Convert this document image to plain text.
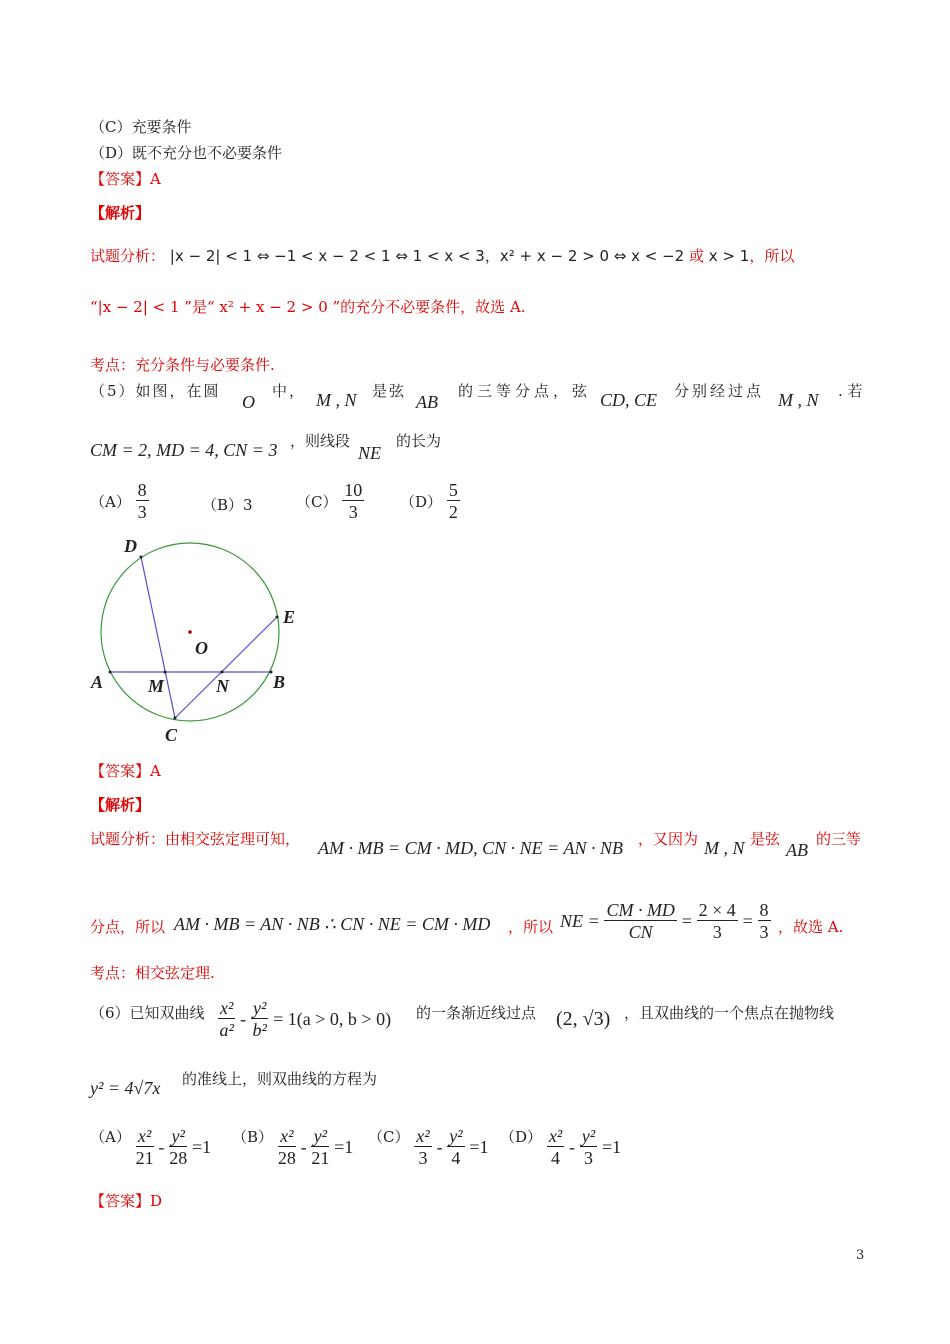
（C）充要条件
（D）既不充分也不必要条件
【答案】A
【解析】
试题分析： |x − 2| < 1 ⇔ −1 < x − 2 < 1 ⇔ 1 < x < 3，x² + x − 2 > 0 ⇔ x < −2 或 x > 1，所以
“|x − 2| < 1 ”是“ x² + x − 2 > 0 ”的充分不必要条件，故选 A.
考点：充分条件与必要条件.
（5）如图，在圆
O
中， M , N 是弦
AB
的三等分点，弦 CD, CE 分别经过点 M , N . 若
CM = 2, MD = 4, CN = 3 ，则线段
NE
的长为
$(A) \frac{8}{3}$	（B）3	$(C) \frac{10}{3} (D) \frac{5}{2}$
D
E
O
A	B
M	N
C
【答案】A
【解析】
试题分析：由相交弦定理可知， AM · MB = CM · MD, CN · NE = AN · NB ，又因为 M , N 是弦
AB
的三等
分点，所以 AM · MB = AN · NB ∴ CN · NE = CM · MD ，所以 NE = $\frac{CM \cdot MD}{CN} = \frac{2 \times 4}{3} = \frac{8}{3}$ ，故选 A.
考点：相交弦定理.
（6）已知双曲线 $\frac{\text{x²}}{\text{a²}} - \frac{\text{y²}}{\text{b²}} = 1(a > 0$, b > 0) 的一条渐近线过点 (2, √3) ，且双曲线的一个焦点在抛物线
y² = 4√7x 的准线上，则双曲线的方程为
$(A) \frac{\text{x²}}{21} - \frac{\text{y²}}{28} =1$ $(B) \frac{\text{x²}}{28} - \frac{\text{y²}}{21} =1$ $(C) \frac{\text{x²}}{3} - \frac{\text{y²}}{4} =1$ $(D) \frac{\text{x²}}{4} - \frac{\text{y²}}{3} =1$
【答案】D
3
